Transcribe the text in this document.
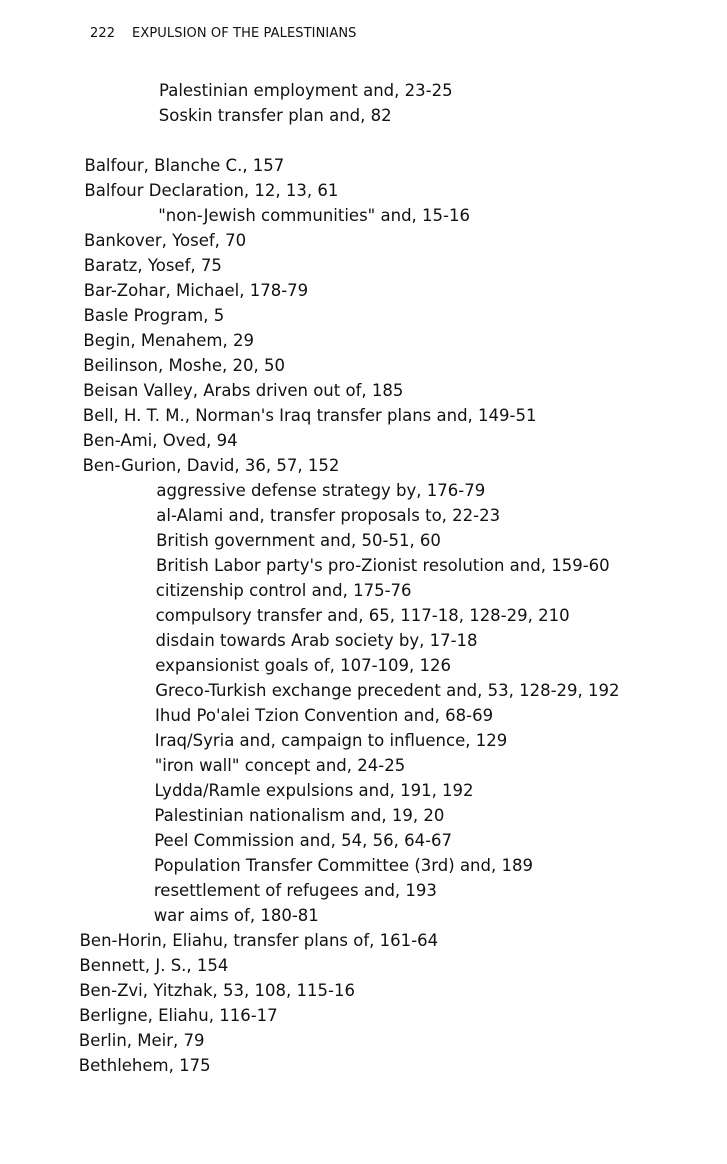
222 EXPULSION OF THE PALESTINIANS
Palestinian employment and, 23-25
Soskin transfer plan and, 82
Balfour, Blanche C., 157
Balfour Declaration, 12, 13, 61
"non-Jewish communities" and, 15-16
Bankover, Yosef, 70
Baratz, Yosef, 75
Bar-Zohar, Michael, 178-79
Basle Program, 5
Begin, Menahem, 29
Beilinson, Moshe, 20, 50
Beisan Valley, Arabs driven out of, 185
Bell, H. T. M., Norman's Iraq transfer plans and, 149-51
Ben-Ami, Oved, 94
Ben-Gurion, David, 36, 57, 152
aggressive defense strategy by, 176-79
al-Alami and, transfer proposals to, 22-23
British government and, 50-51, 60
British Labor party's pro-Zionist resolution and, 159-60
citizenship control and, 175-76
compulsory transfer and, 65, 117-18, 128-29, 210
disdain towards Arab society by, 17-18
expansionist goals of, 107-109, 126
Greco-Turkish exchange precedent and, 53, 128-29, 192
Ihud Po'alei Tzion Convention and, 68-69
Iraq/Syria and, campaign to influence, 129
"iron wall" concept and, 24-25
Lydda/Ramle expulsions and, 191, 192
Palestinian nationalism and, 19, 20
Peel Commission and, 54, 56, 64-67
Population Transfer Committee (3rd) and, 189
resettlement of refugees and, 193
war aims of, 180-81
Ben-Horin, Eliahu, transfer plans of, 161-64
Bennett, J. S., 154
Ben-Zvi, Yitzhak, 53, 108, 115-16
Berligne, Eliahu, 116-17
Berlin, Meir, 79
Bethlehem, 175
